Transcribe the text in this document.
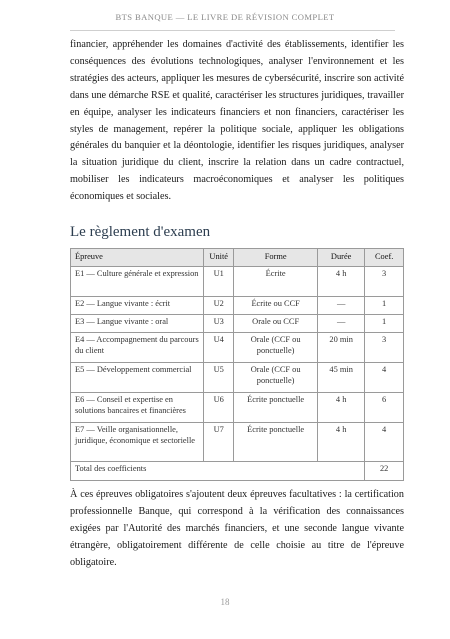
BTS BANQUE — LE LIVRE DE RÉVISION COMPLET

financier, appréhender les domaines d'activité des établissements, identifier les conséquences des évolutions technologiques, analyser l'environnement et les stratégies des acteurs, appliquer les mesures de cybersécurité, inscrire son activité dans une démarche RSE et qualité, caractériser les structures juridiques, travailler en équipe, analyser les indicateurs financiers et non financiers, caractériser les styles de management, repérer la politique sociale, appliquer les obligations générales du banquier et la déontologie, identifier les risques juridiques, analyser la situation juridique du client, inscrire la relation dans un cadre contractuel, mobiliser les indicateurs macroéconomiques et analyser les politiques économiques et sociales.

Le règlement d'examen
Épreuve	Unité	Forme	Durée	Coef.
E1 — Culture générale et expression	U1	Écrite	4 h	3
E2 — Langue vivante : écrit	U2	Écrite ou CCF	—	1
E3 — Langue vivante : oral	U3	Orale ou CCF	—	1
E4 — Accompagnement du parcours du client	U4	Orale (CCF ou ponctuelle)	20 min	3
E5 — Développement commercial	U5	Orale (CCF ou ponctuelle)	45 min	4
E6 — Conseil et expertise en solutions bancaires et financières	U6	Écrite ponctuelle	4 h	6
E7 — Veille organisationnelle, juridique, économique et sectorielle	U7	Écrite ponctuelle	4 h	4
Total des coefficients				22

À ces épreuves obligatoires s'ajoutent deux épreuves facultatives : la certification professionnelle Banque, qui correspond à la vérification des connaissances exigées par l'Autorité des marchés financiers, et une seconde langue vivante étrangère, obligatoirement différente de celle choisie au titre de l'épreuve obligatoire.

18
